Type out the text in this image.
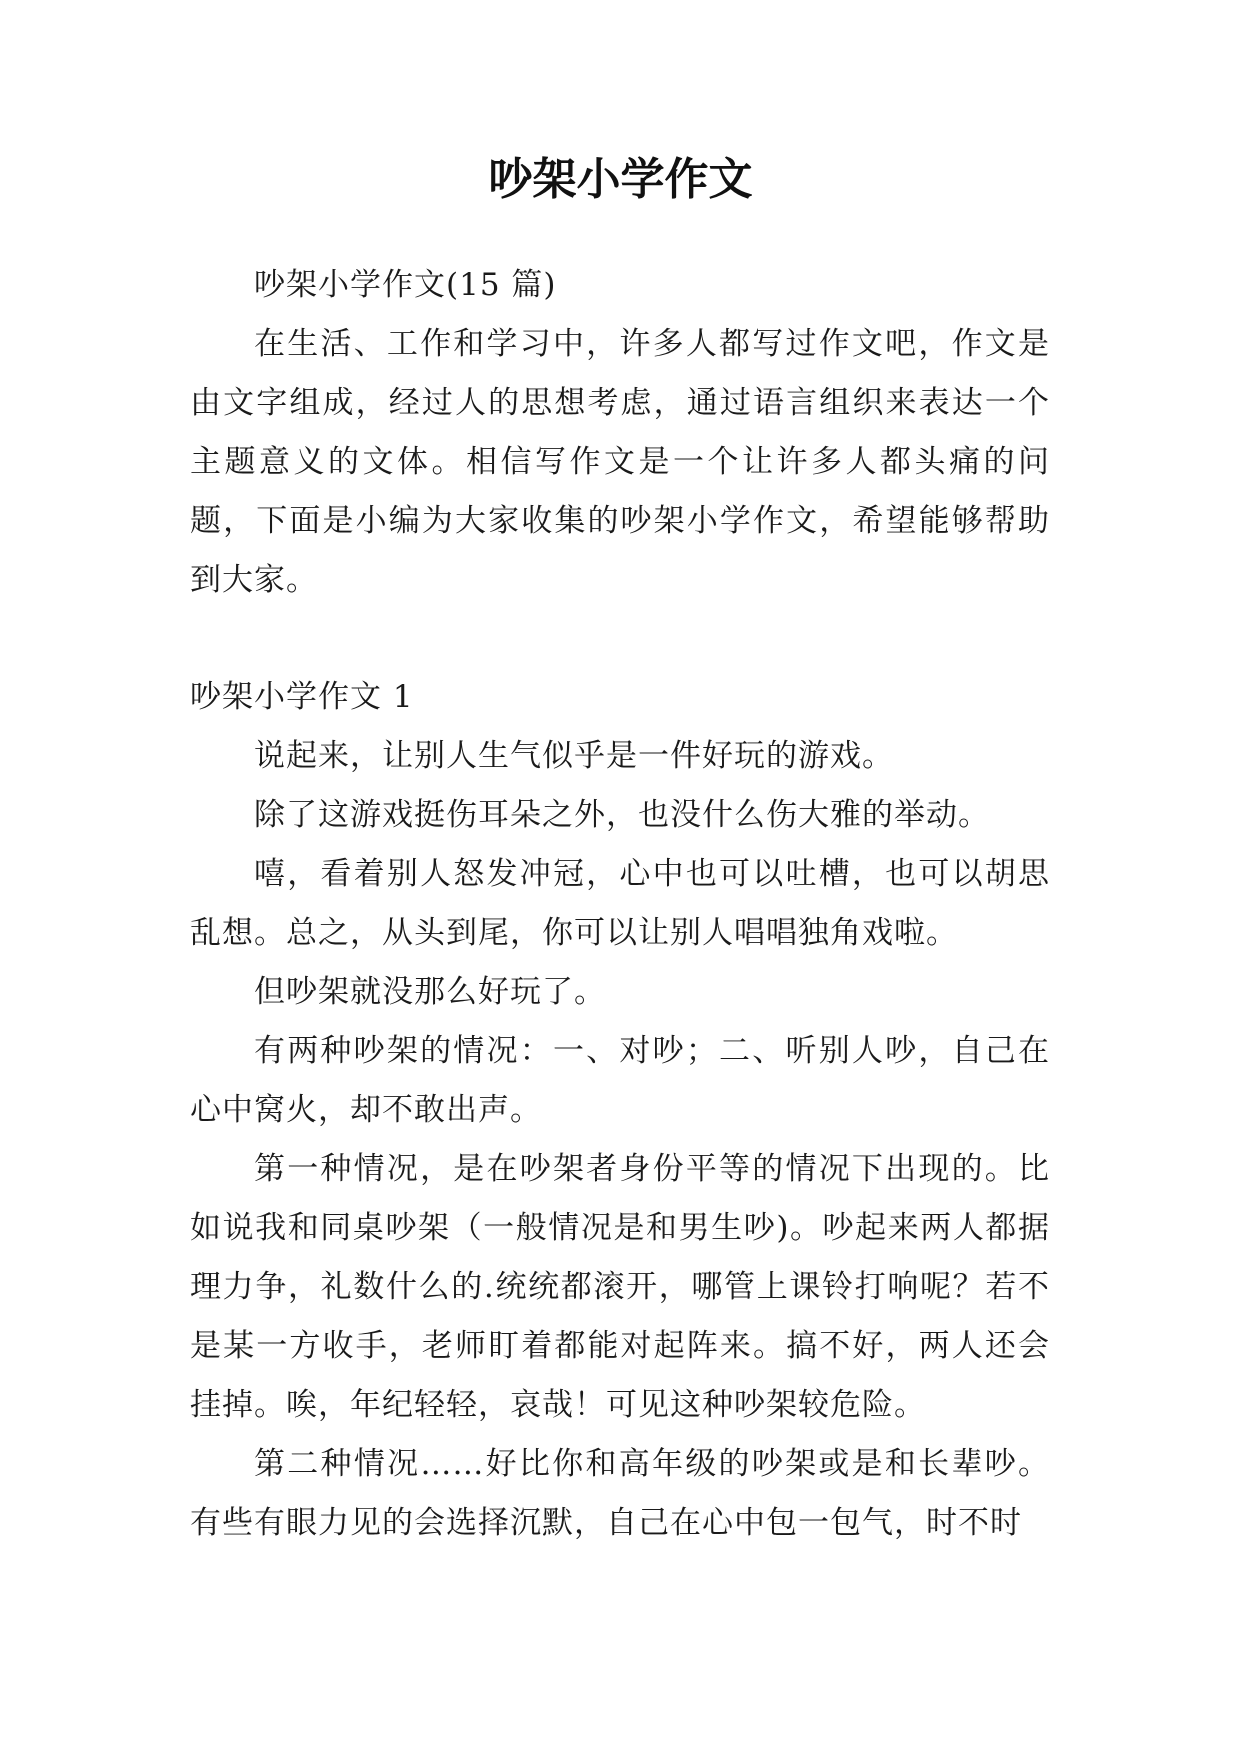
吵架小学作文

吵架小学作文(15 篇)

在生活、工作和学习中，许多人都写过作文吧，作文是由文字组成，经过人的思想考虑，通过语言组织来表达一个主题意义的文体。相信写作文是一个让许多人都头痛的问题，下面是小编为大家收集的吵架小学作文，希望能够帮助到大家。

吵架小学作文 1

说起来，让别人生气似乎是一件好玩的游戏。

除了这游戏挺伤耳朵之外，也没什么伤大雅的举动。

嘻，看着别人怒发冲冠，心中也可以吐槽，也可以胡思乱想。总之，从头到尾，你可以让别人唱唱独角戏啦。

但吵架就没那么好玩了。

有两种吵架的情况：一、对吵；二、听别人吵，自己在心中窝火，却不敢出声。

第一种情况，是在吵架者身份平等的情况下出现的。比如说我和同桌吵架（一般情况是和男生吵)。吵起来两人都据理力争，礼数什么的.统统都滚开，哪管上课铃打响呢？若不是某一方收手，老师盯着都能对起阵来。搞不好，两人还会挂掉。唉，年纪轻轻，哀哉！可见这种吵架较危险。

第二种情况……好比你和高年级的吵架或是和长辈吵。有些有眼力见的会选择沉默，自己在心中包一包气，时不时
